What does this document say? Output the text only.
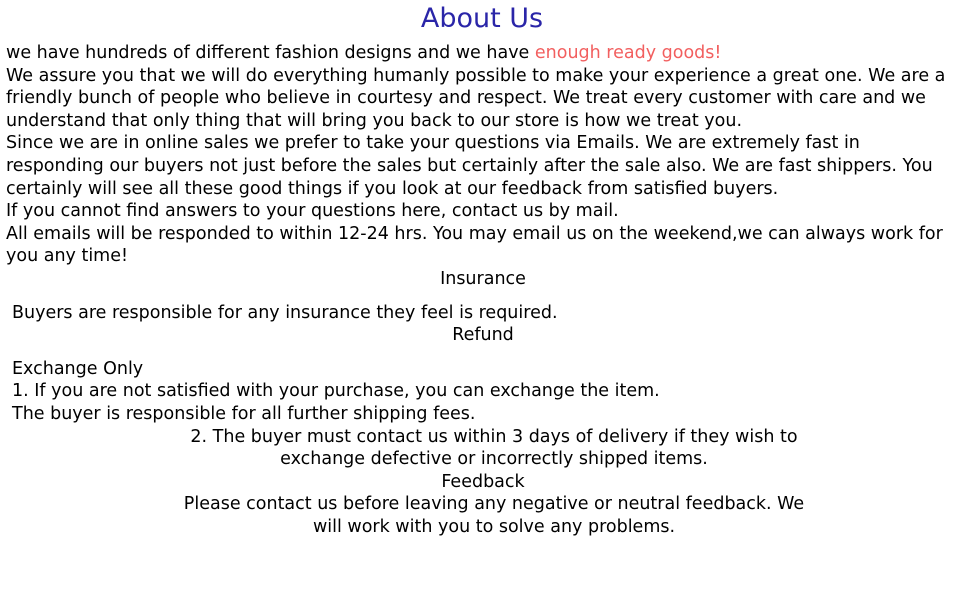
About Us

we have hundreds of different fashion designs and we have enough ready goods!

We assure you that we will do everything humanly possible to make your experience a great one. We are a friendly bunch of people who believe in courtesy and respect. We treat every customer with care and we understand that only thing that will bring you back to our store is how we treat you.

Since we are in online sales we prefer to take your questions via Emails. We are extremely fast in responding our buyers not just before the sales but certainly after the sale also. We are fast shippers. You certainly will see all these good things if you look at our feedback from satisfied buyers.

If you cannot find answers to your questions here, contact us by mail.

All emails will be responded to within 12-24 hrs. You may email us on the weekend,we can always work for you any time!

Insurance

Buyers are responsible for any insurance they feel is required.

Refund

Exchange Only

1. If you are not satisfied with your purchase, you can exchange the item.

The buyer is responsible for all further shipping fees.

2. The buyer must contact us within 3 days of delivery if they wish to

exchange defective or incorrectly shipped items.

Feedback

Please contact us before leaving any negative or neutral feedback. We

will work with you to solve any problems.
